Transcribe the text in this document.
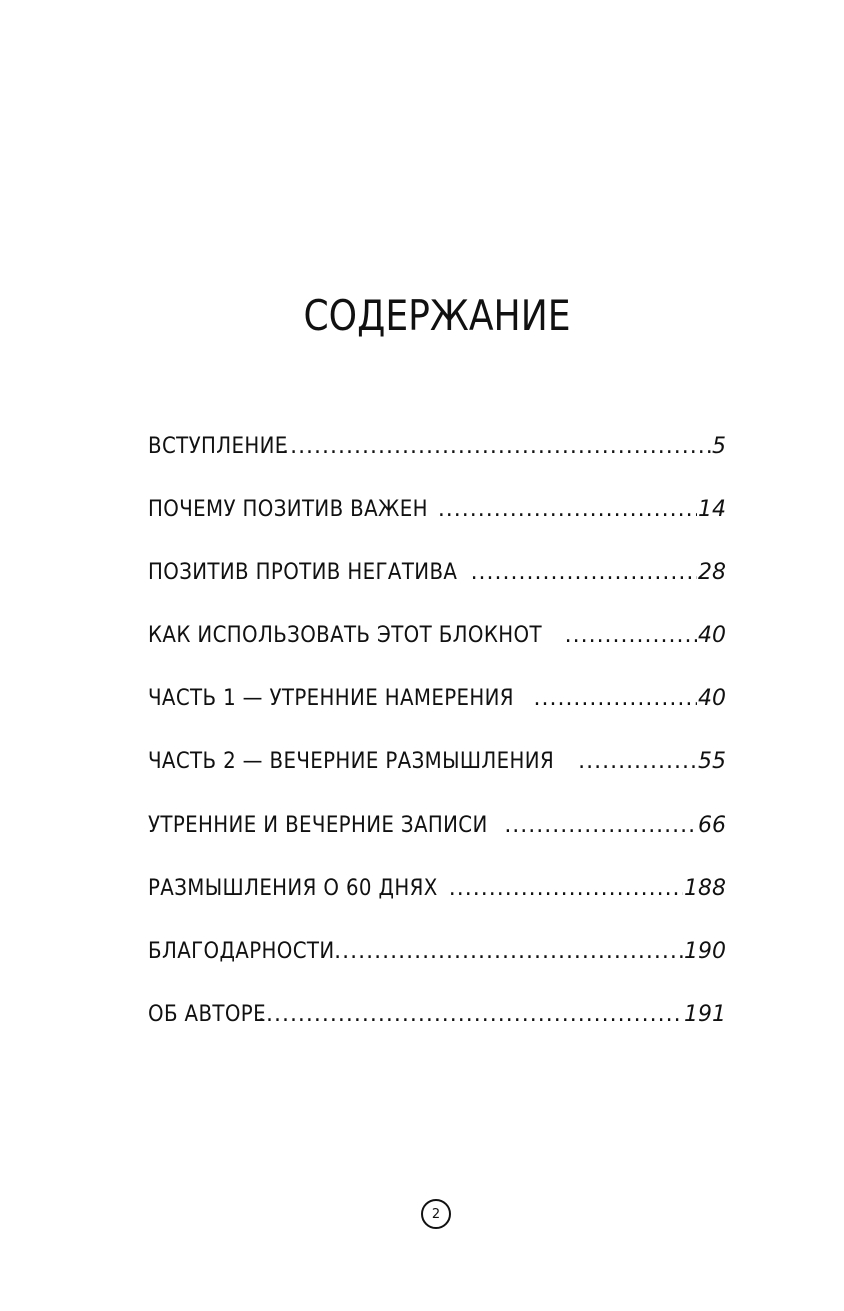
СОДЕРЖАНИЕ
ВСТУПЛЕНИЕ .....	5
ПОЧЕМУ ПОЗИТИВ ВАЖЕН .....	14
ПОЗИТИВ ПРОТИВ НЕГАТИВА .....	28
КАК ИСПОЛЬЗОВАТЬ ЭТОТ БЛОКНОТ .....	40
ЧАСТЬ 1 — УТРЕННИЕ НАМЕРЕНИЯ .....	40
ЧАСТЬ 2 — ВЕЧЕРНИЕ РАЗМЫШЛЕНИЯ .....	55
УТРЕННИЕ И ВЕЧЕРНИЕ ЗАПИСИ .....	66
РАЗМЫШЛЕНИЯ О 60 ДНЯХ .....	188
БЛАГОДАРНОСТИ .....	190
ОБ АВТОРЕ .....	191
2
